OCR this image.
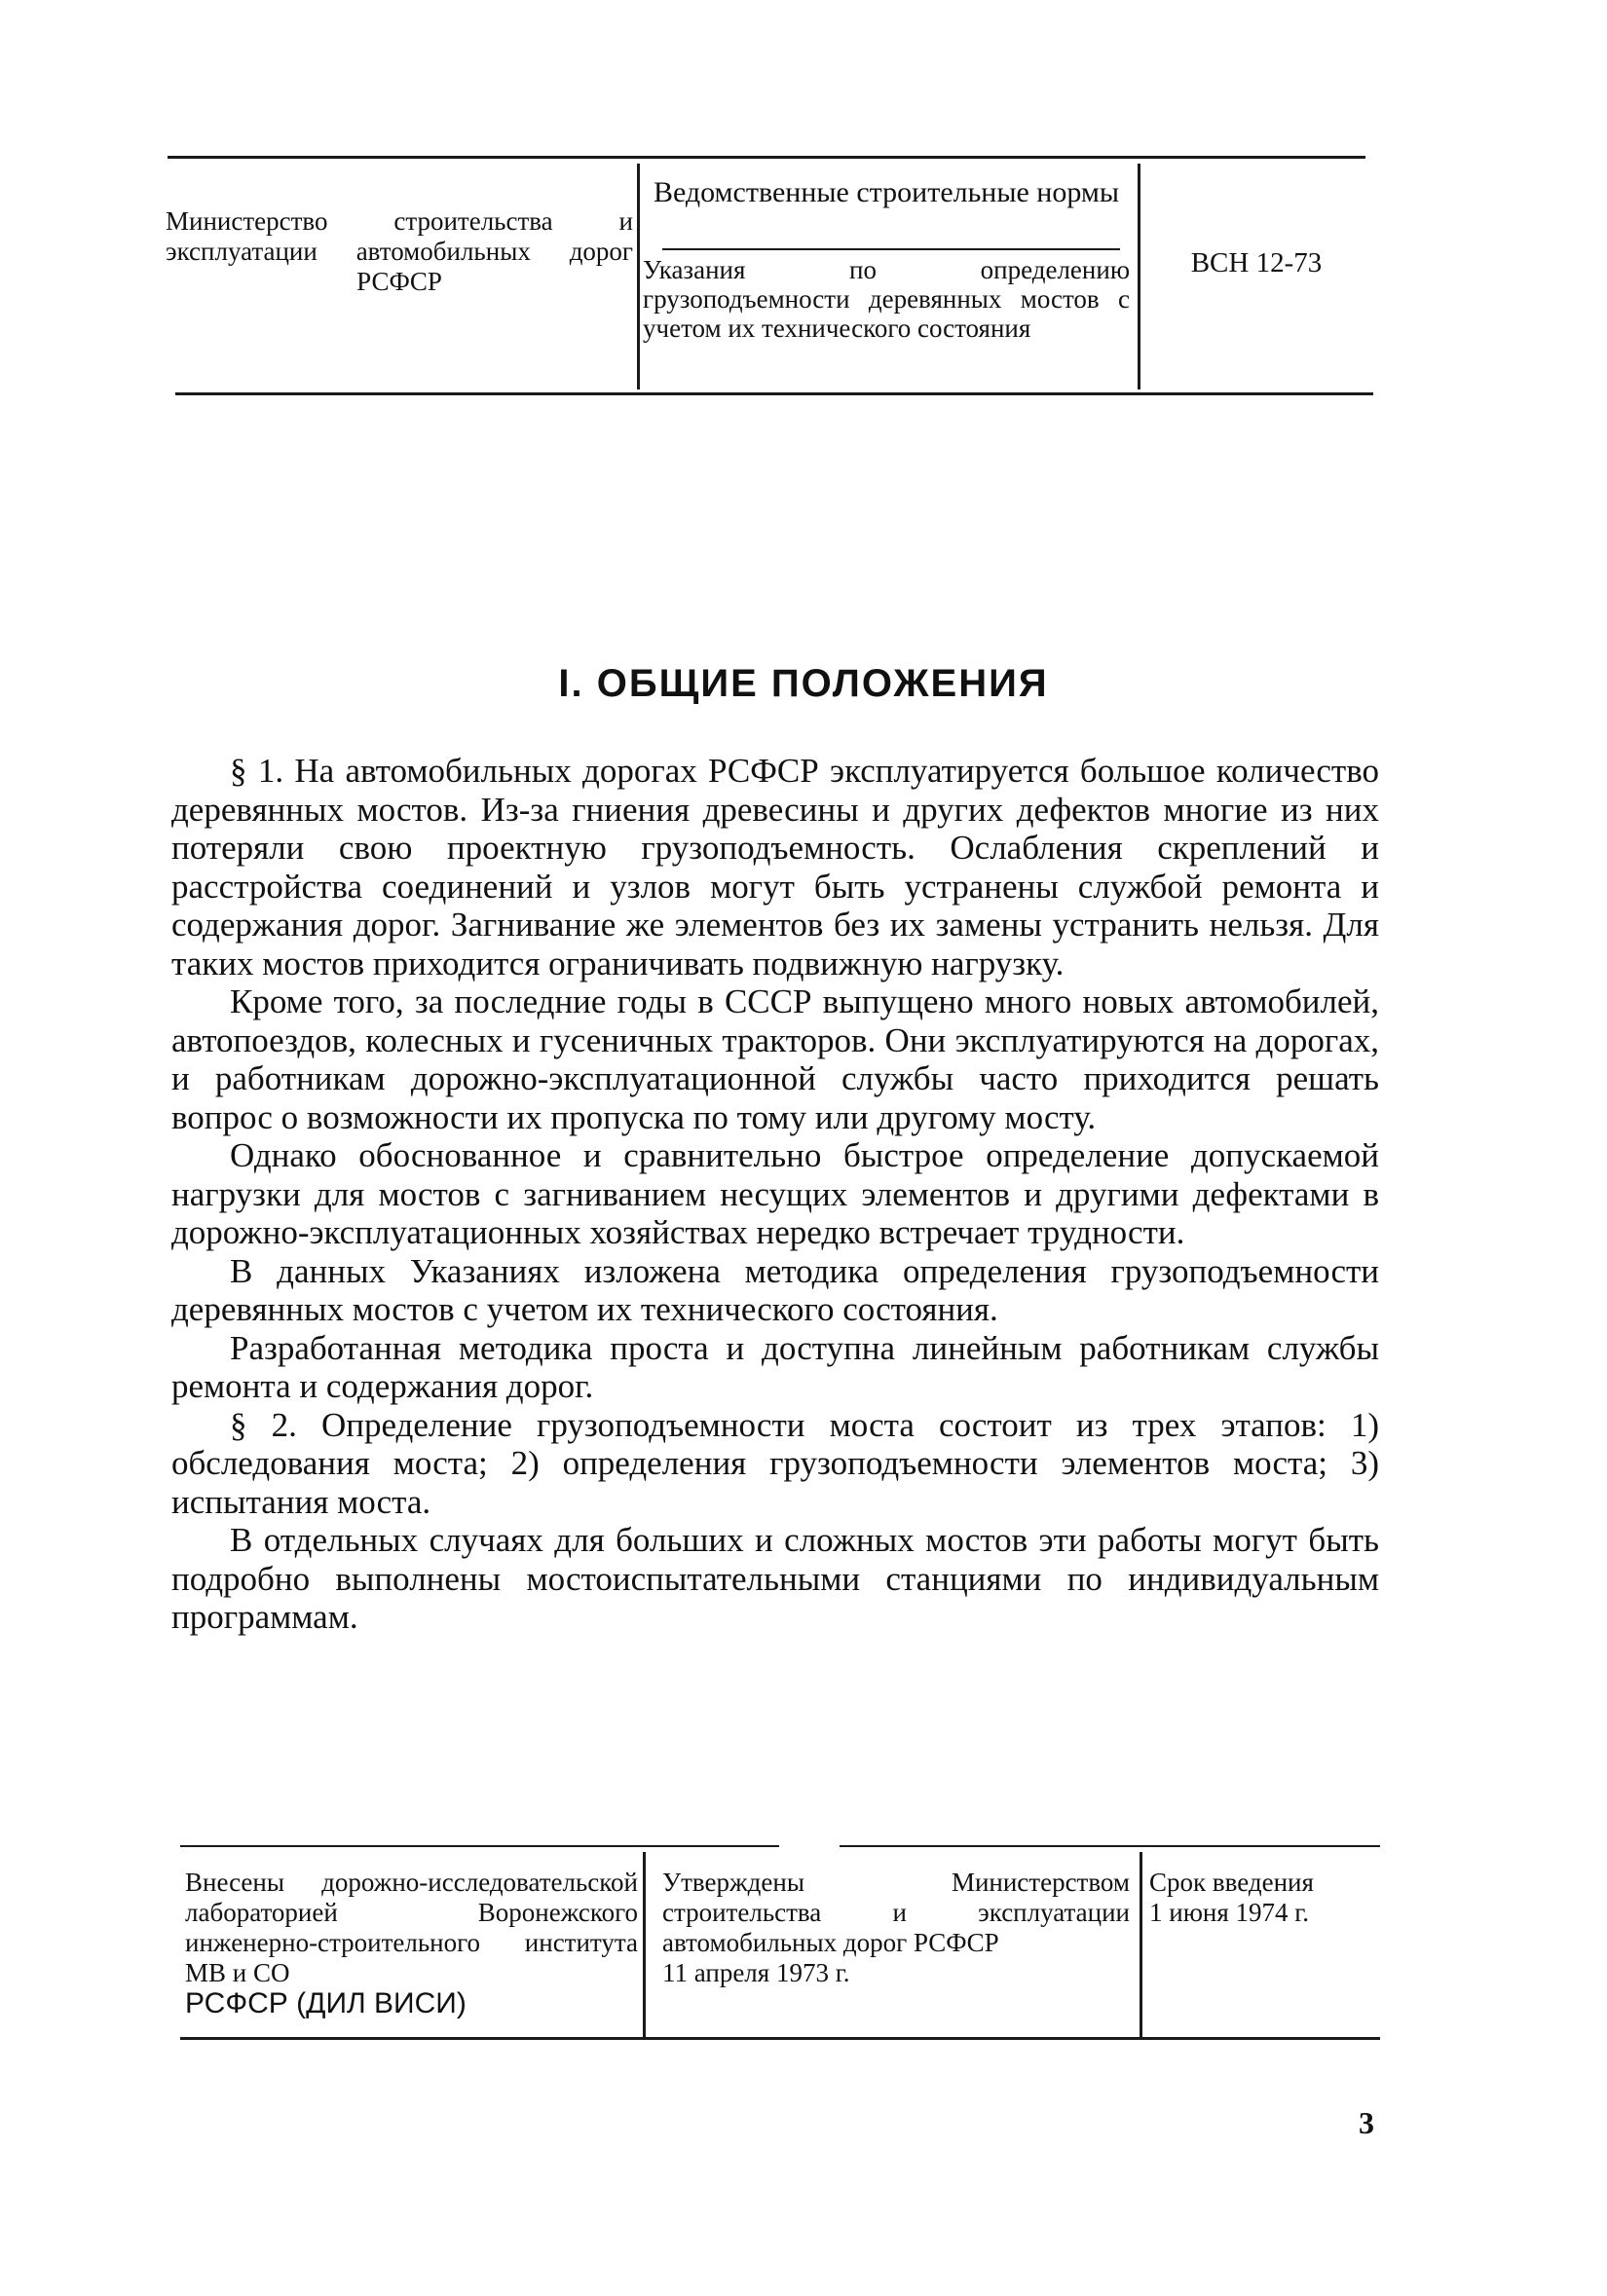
Министерство строительства и эксплуатации автомобильных дорог РСФСР
Ведомственные строительные нормы
Указания по определению грузоподъемности деревянных мостов с учетом их технического состояния
ВСН 12-73
I. ОБЩИЕ ПОЛОЖЕНИЯ

§ 1. На автомобильных дорогах РСФСР эксплуатируется большое количество деревянных мостов. Из-за гниения древесины и других дефектов многие из них потеряли свою проектную грузоподъемность. Ослабления скреплений и расстройства соединений и узлов могут быть устранены службой ремонта и содержания дорог. Загнивание же элементов без их замены устранить нельзя. Для таких мостов приходится ограничивать подвижную нагрузку.

Кроме того, за последние годы в СССР выпущено много новых автомобилей, автопоездов, колесных и гусеничных тракторов. Они эксплуатируются на дорогах, и работникам дорожно-эксплуатационной службы часто приходится решать вопрос о возможности их пропуска по тому или другому мосту.

Однако обоснованное и сравнительно быстрое определение допускаемой нагрузки для мостов с загниванием несущих элементов и другими дефектами в дорожно-эксплуатационных хозяйствах нередко встречает трудности.

В данных Указаниях изложена методика определения грузоподъемности деревянных мостов с учетом их технического состояния.

Разработанная методика проста и доступна линейным работникам службы ремонта и содержания дорог.

§ 2. Определение грузоподъемности моста состоит из трех этапов: 1) обследования моста; 2) определения грузоподъемности элементов моста; 3) испытания моста.

В отдельных случаях для больших и сложных мостов эти работы могут быть подробно выполнены мостоиспытательными станциями по индивидуальным программам.

Внесены дорожно-исследовательской лабораторией Воронежского инженерно-строительного института МВ и СО
РСФСР (ДИЛ ВИСИ)
Утверждены Министерством строительства и эксплуатации автомобильных дорог РСФСР
11 апреля 1973 г.
Срок введения
1 июня 1974 г.
3
